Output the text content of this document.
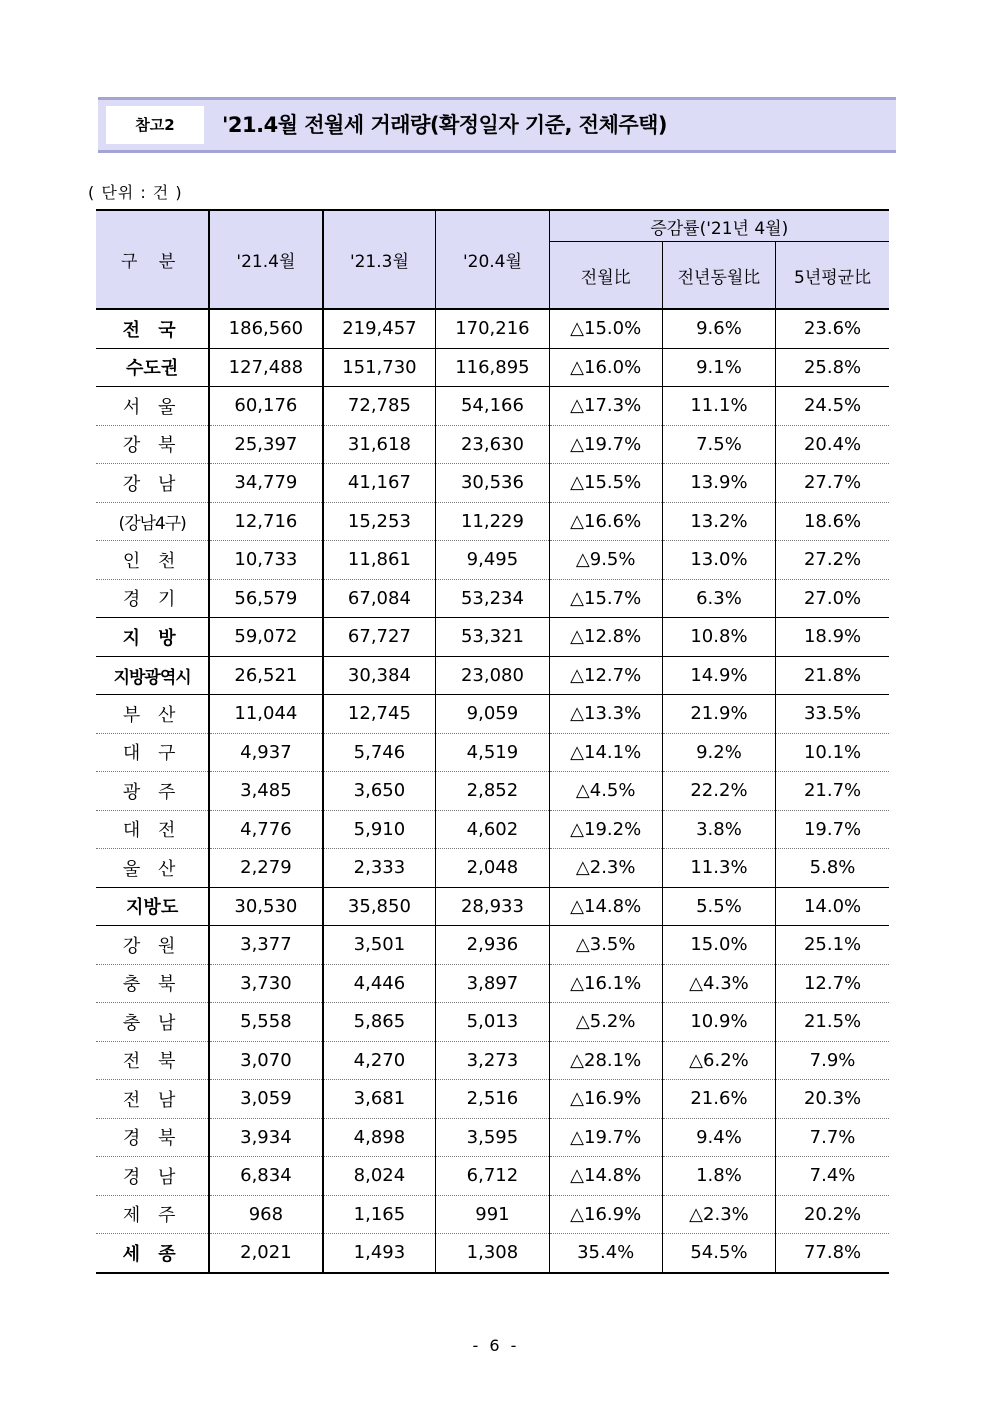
참고2	'21.4월 전월세 거래량(확정일자 기준, 전체주택)
( 단위 : 건 )
구 분	'21.4월	'21.3월	'20.4월	증감률('21년 4월)		
				전월比	전년동월比	5년평균比
전 국	186,560	219,457	170,216	△15.0%	9.6%	23.6%
수도권	127,488	151,730	116,895	△16.0%	9.1%	25.8%
서 울	60,176	72,785	54,166	△17.3%	11.1%	24.5%
강 북	25,397	31,618	23,630	△19.7%	7.5%	20.4%
강 남	34,779	41,167	30,536	△15.5%	13.9%	27.7%
(강남4구)	12,716	15,253	11,229	△16.6%	13.2%	18.6%
인 천	10,733	11,861	9,495	△9.5%	13.0%	27.2%
경 기	56,579	67,084	53,234	△15.7%	6.3%	27.0%
지 방	59,072	67,727	53,321	△12.8%	10.8%	18.9%
지방광역시	26,521	30,384	23,080	△12.7%	14.9%	21.8%
부 산	11,044	12,745	9,059	△13.3%	21.9%	33.5%
대 구	4,937	5,746	4,519	△14.1%	9.2%	10.1%
광 주	3,485	3,650	2,852	△4.5%	22.2%	21.7%
대 전	4,776	5,910	4,602	△19.2%	3.8%	19.7%
울 산	2,279	2,333	2,048	△2.3%	11.3%	5.8%
지방도	30,530	35,850	28,933	△14.8%	5.5%	14.0%
강 원	3,377	3,501	2,936	△3.5%	15.0%	25.1%
충 북	3,730	4,446	3,897	△16.1%	△4.3%	12.7%
충 남	5,558	5,865	5,013	△5.2%	10.9%	21.5%
전 북	3,070	4,270	3,273	△28.1%	△6.2%	7.9%
전 남	3,059	3,681	2,516	△16.9%	21.6%	20.3%
경 북	3,934	4,898	3,595	△19.7%	9.4%	7.7%
경 남	6,834	8,024	6,712	△14.8%	1.8%	7.4%
제 주	968	1,165	991	△16.9%	△2.3%	20.2%
세 종	2,021	1,493	1,308	35.4%	54.5%	77.8%
- 6 -
